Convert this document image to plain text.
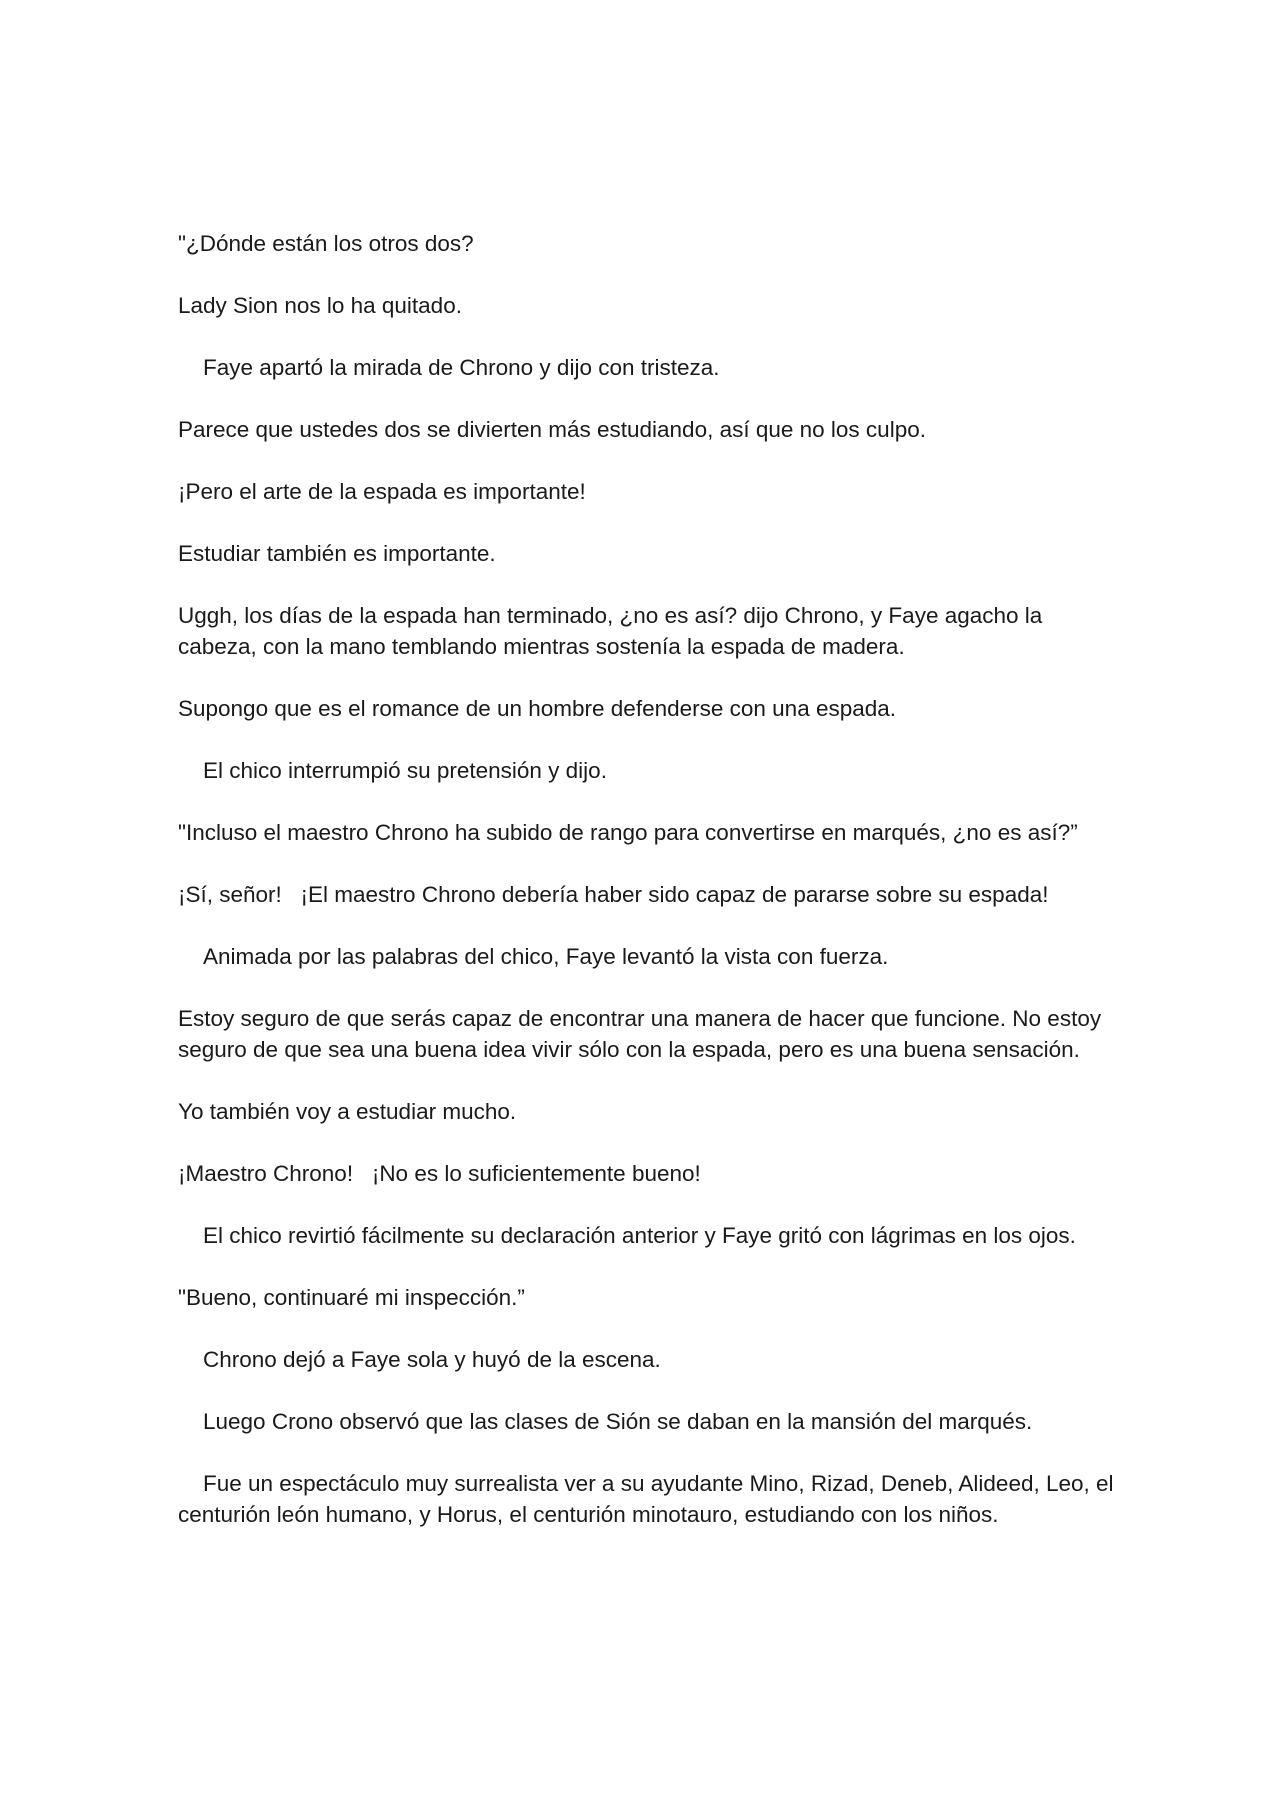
"¿Dónde están los otros dos?

Lady Sion nos lo ha quitado.

Faye apartó la mirada de Chrono y dijo con tristeza.

Parece que ustedes dos se divierten más estudiando, así que no los culpo.

¡Pero el arte de la espada es importante!

Estudiar también es importante.

Uggh, los días de la espada han terminado, ¿no es así? dijo Chrono, y Faye agacho la cabeza, con la mano temblando mientras sostenía la espada de madera.

Supongo que es el romance de un hombre defenderse con una espada.

El chico interrumpió su pretensión y dijo.

"Incluso el maestro Chrono ha subido de rango para convertirse en marqués, ¿no es así?”

¡Sí, señor!   ¡El maestro Chrono debería haber sido capaz de pararse sobre su espada!

Animada por las palabras del chico, Faye levantó la vista con fuerza.

Estoy seguro de que serás capaz de encontrar una manera de hacer que funcione. No estoy seguro de que sea una buena idea vivir sólo con la espada, pero es una buena sensación.

Yo también voy a estudiar mucho.

¡Maestro Chrono!   ¡No es lo suficientemente bueno!

El chico revirtió fácilmente su declaración anterior y Faye gritó con lágrimas en los ojos.

"Bueno, continuaré mi inspección.”

Chrono dejó a Faye sola y huyó de la escena.

Luego Crono observó que las clases de Sión se daban en la mansión del marqués.

Fue un espectáculo muy surrealista ver a su ayudante Mino, Rizad, Deneb, Alideed, Leo, el centurión león humano, y Horus, el centurión minotauro, estudiando con los niños.
